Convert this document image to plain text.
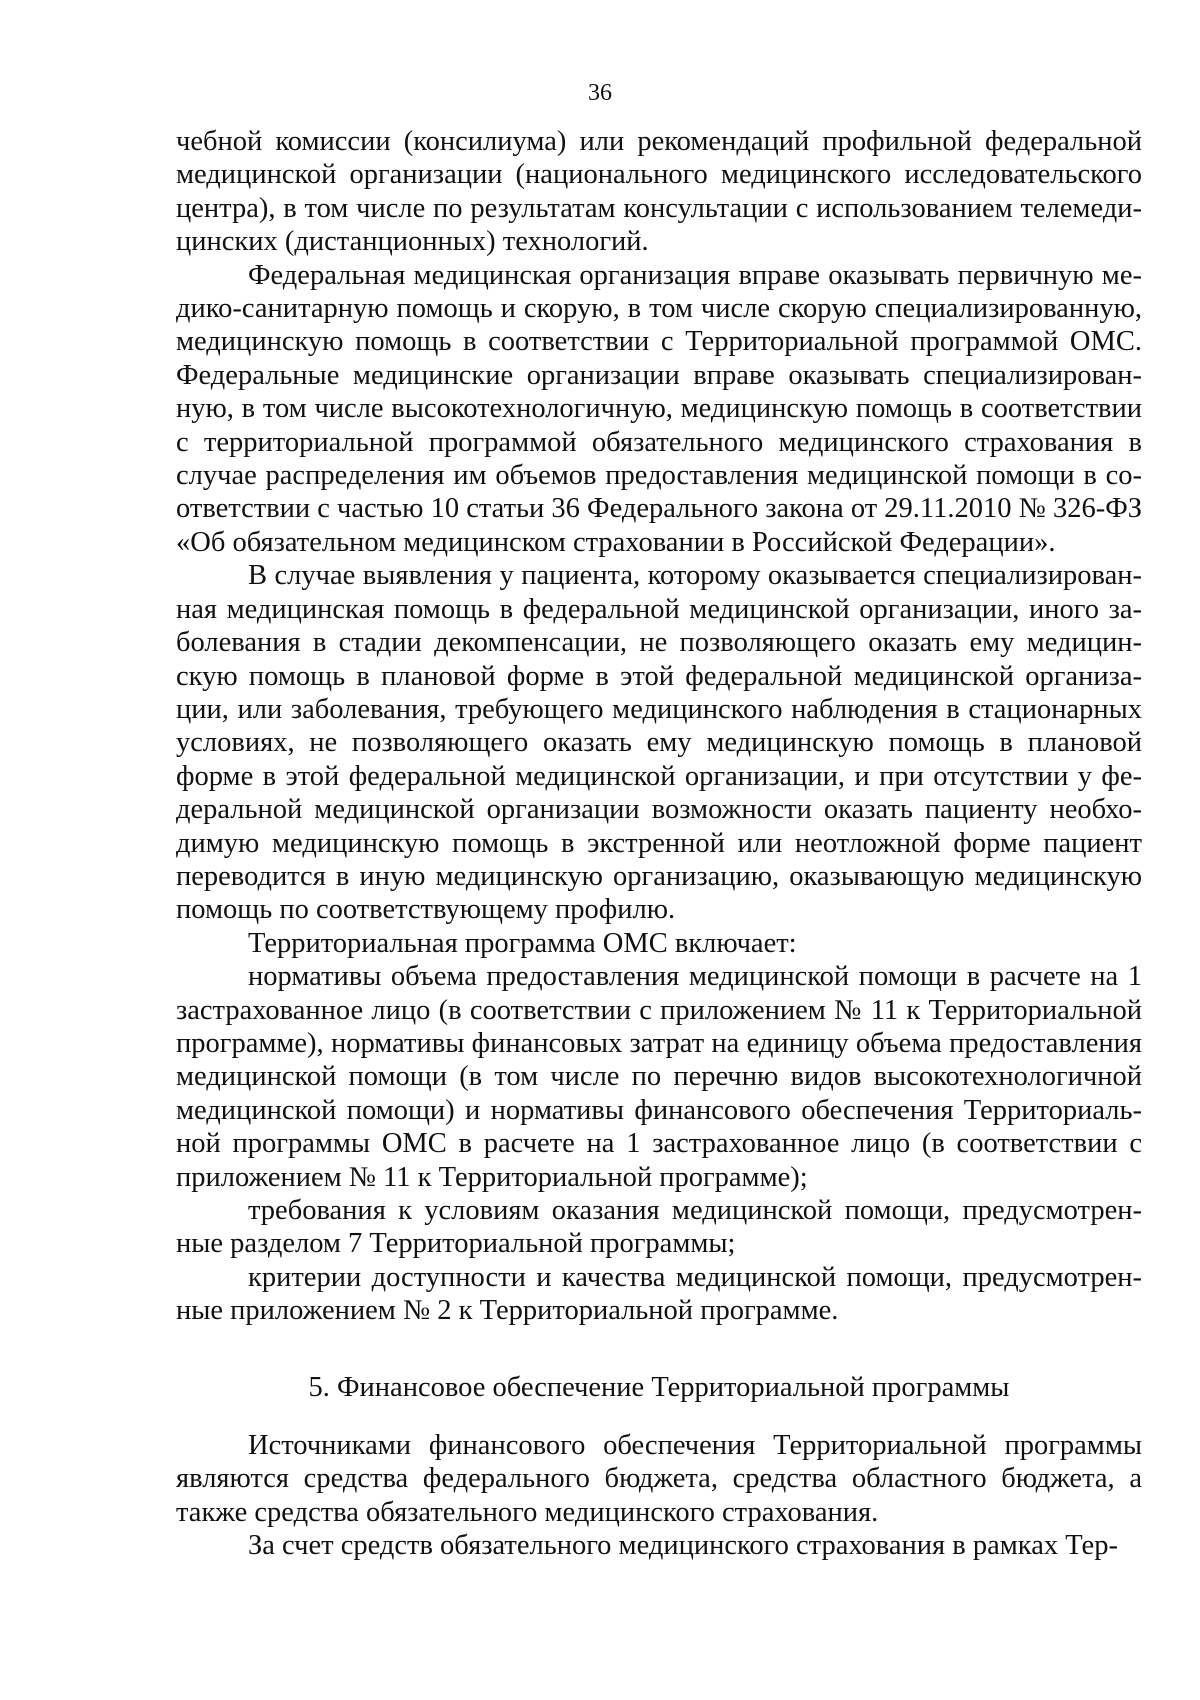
36

чебной комиссии (консилиума) или рекомендаций профильной федеральной медицинской организации (национального медицинского исследовательского центра), в том числе по результатам консультации с использованием телемедицинских (дистанционных) технологий.

Федеральная медицинская организация вправе оказывать первичную медико-санитарную помощь и скорую, в том числе скорую специализированную, медицинскую помощь в соответствии с Территориальной программой ОМС. Федеральные медицинские организации вправе оказывать специализированную, в том числе высокотехнологичную, медицинскую помощь в соответствии с территориальной программой обязательного медицинского страхования в случае распределения им объемов предоставления медицинской помощи в соответствии с частью 10 статьи 36 Федерального закона от 29.11.2010 № 326-ФЗ «Об обязательном медицинском страховании в Российской Федерации».

В случае выявления у пациента, которому оказывается специализированная медицинская помощь в федеральной медицинской организации, иного заболевания в стадии декомпенсации, не позволяющего оказать ему медицинскую помощь в плановой форме в этой федеральной медицинской организации, или заболевания, требующего медицинского наблюдения в стационарных условиях, не позволяющего оказать ему медицинскую помощь в плановой форме в этой федеральной медицинской организации, и при отсутствии у федеральной медицинской организации возможности оказать пациенту необходимую медицинскую помощь в экстренной или неотложной форме пациент переводится в иную медицинскую организацию, оказывающую медицинскую помощь по соответствующему профилю.

Территориальная программа ОМС включает:

нормативы объема предоставления медицинской помощи в расчете на 1 застрахованное лицо (в соответствии с приложением № 11 к Территориальной программе), нормативы финансовых затрат на единицу объема предоставления медицинской помощи (в том числе по перечню видов высокотехнологичной медицинской помощи) и нормативы финансового обеспечения Территориальной программы ОМС в расчете на 1 застрахованное лицо (в соответствии с приложением № 11 к Территориальной программе);

требования к условиям оказания медицинской помощи, предусмотренные разделом 7 Территориальной программы;

критерии доступности и качества медицинской помощи, предусмотренные приложением № 2 к Территориальной программе.

5. Финансовое обеспечение Территориальной программы

Источниками финансового обеспечения Территориальной программы являются средства федерального бюджета, средства областного бюджета, а также средства обязательного медицинского страхования.

За счет средств обязательного медицинского страхования в рамках Тер-
